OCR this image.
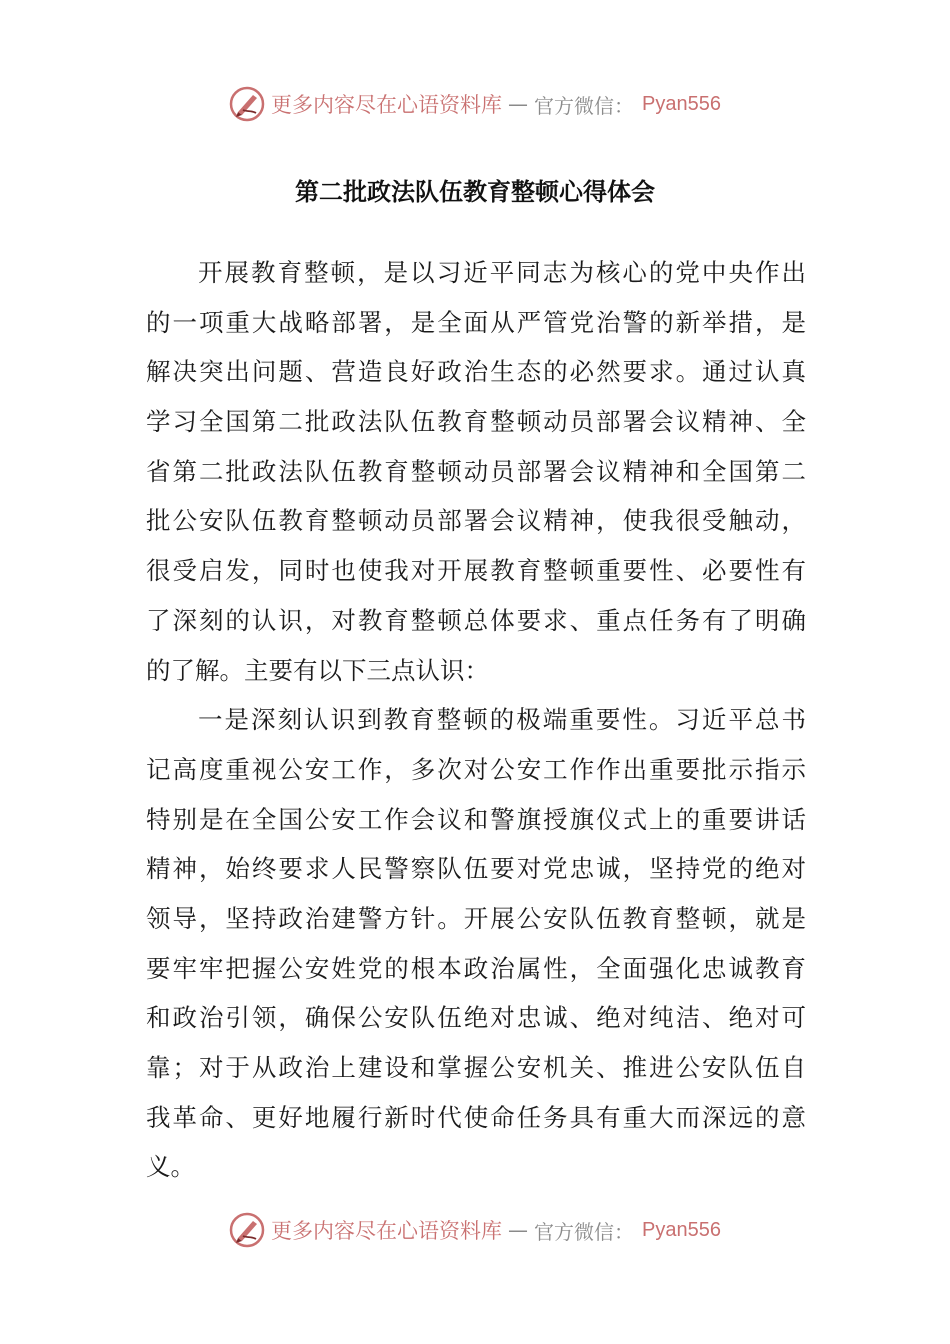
更多内容尽在心语资料库 — 官方微信： Pyan556
第二批政法队伍教育整顿心得体会
开展教育整顿，是以习近平同志为核心的党中央作出
的一项重大战略部署，是全面从严管党治警的新举措，是
解决突出问题、营造良好政治生态的必然要求。通过认真
学习全国第二批政法队伍教育整顿动员部署会议精神、全
省第二批政法队伍教育整顿动员部署会议精神和全国第二
批公安队伍教育整顿动员部署会议精神，使我很受触动，
很受启发，同时也使我对开展教育整顿重要性、必要性有
了深刻的认识，对教育整顿总体要求、重点任务有了明确
的了解。主要有以下三点认识：
一是深刻认识到教育整顿的极端重要性。习近平总书
记高度重视公安工作，多次对公安工作作出重要批示指示
特别是在全国公安工作会议和警旗授旗仪式上的重要讲话
精神，始终要求人民警察队伍要对党忠诚，坚持党的绝对
领导，坚持政治建警方针。开展公安队伍教育整顿，就是
要牢牢把握公安姓党的根本政治属性，全面强化忠诚教育
和政治引领，确保公安队伍绝对忠诚、绝对纯洁、绝对可
靠；对于从政治上建设和掌握公安机关、推进公安队伍自
我革命、更好地履行新时代使命任务具有重大而深远的意
义。
更多内容尽在心语资料库 — 官方微信： Pyan556
